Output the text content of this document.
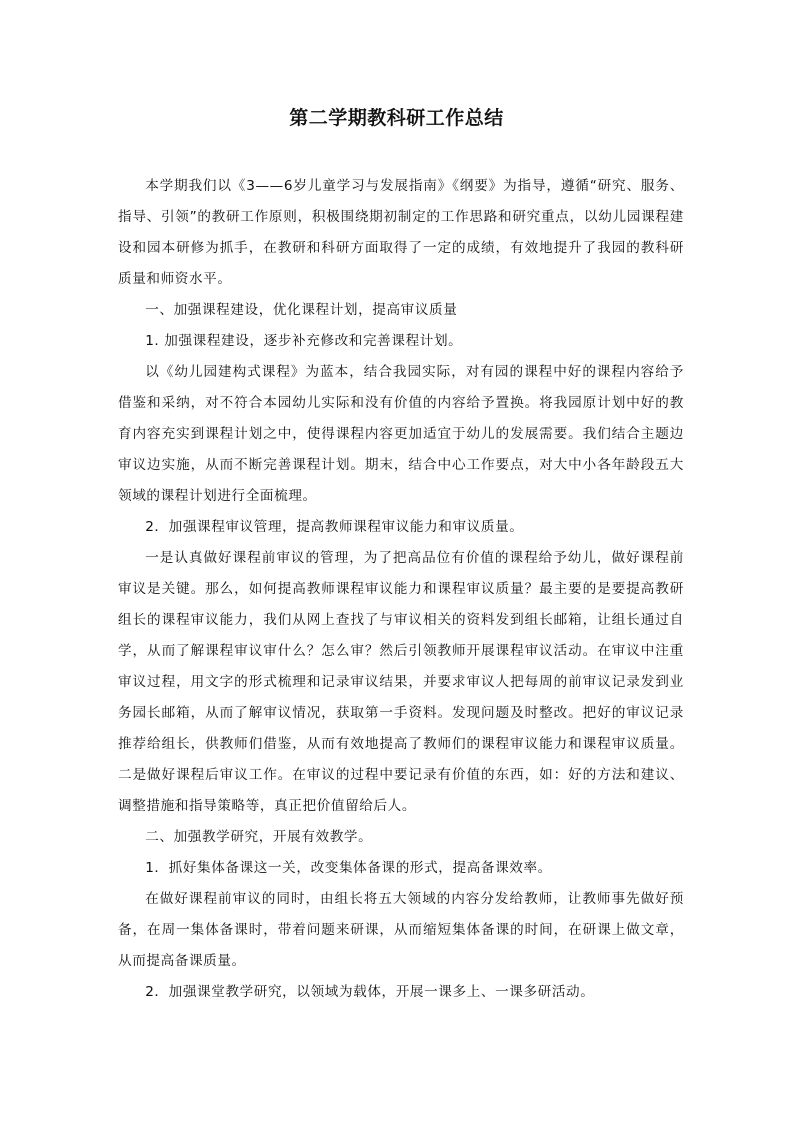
第二学期教科研工作总结

本学期我们以《3——6岁儿童学习与发展指南》《纲要》为指导，遵循“研究、服务、指导、引领”的教研工作原则，积极围绕期初制定的工作思路和研究重点，以幼儿园课程建设和园本研修为抓手，在教研和科研方面取得了一定的成绩，有效地提升了我园的教科研质量和师资水平。

一、加强课程建设，优化课程计划，提高审议质量

1. 加强课程建设，逐步补充修改和完善课程计划。

以《幼儿园建构式课程》为蓝本，结合我园实际，对有园的课程中好的课程内容给予借鉴和采纳，对不符合本园幼儿实际和没有价值的内容给予置换。将我园原计划中好的教育内容充实到课程计划之中，使得课程内容更加适宜于幼儿的发展需要。我们结合主题边审议边实施，从而不断完善课程计划。期末，结合中心工作要点，对大中小各年龄段五大领域的课程计划进行全面梳理。

2．加强课程审议管理，提高教师课程审议能力和审议质量。

一是认真做好课程前审议的管理，为了把高品位有价值的课程给予幼儿，做好课程前审议是关键。那么，如何提高教师课程审议能力和课程审议质量？最主要的是要提高教研组长的课程审议能力，我们从网上查找了与审议相关的资料发到组长邮箱，让组长通过自学，从而了解课程审议审什么？怎么审？然后引领教师开展课程审议活动。在审议中注重审议过程，用文字的形式梳理和记录审议结果，并要求审议人把每周的前审议记录发到业务园长邮箱，从而了解审议情况，获取第一手资料。发现问题及时整改。把好的审议记录推荐给组长，供教师们借鉴，从而有效地提高了教师们的课程审议能力和课程审议质量。二是做好课程后审议工作。在审议的过程中要记录有价值的东西，如：好的方法和建议、调整措施和指导策略等，真正把价值留给后人。

二、加强教学研究，开展有效教学。

1．抓好集体备课这一关，改变集体备课的形式，提高备课效率。

在做好课程前审议的同时，由组长将五大领域的内容分发给教师，让教师事先做好预备，在周一集体备课时，带着问题来研课，从而缩短集体备课的时间，在研课上做文章，从而提高备课质量。

2．加强课堂教学研究，以领域为载体，开展一课多上、一课多研活动。
